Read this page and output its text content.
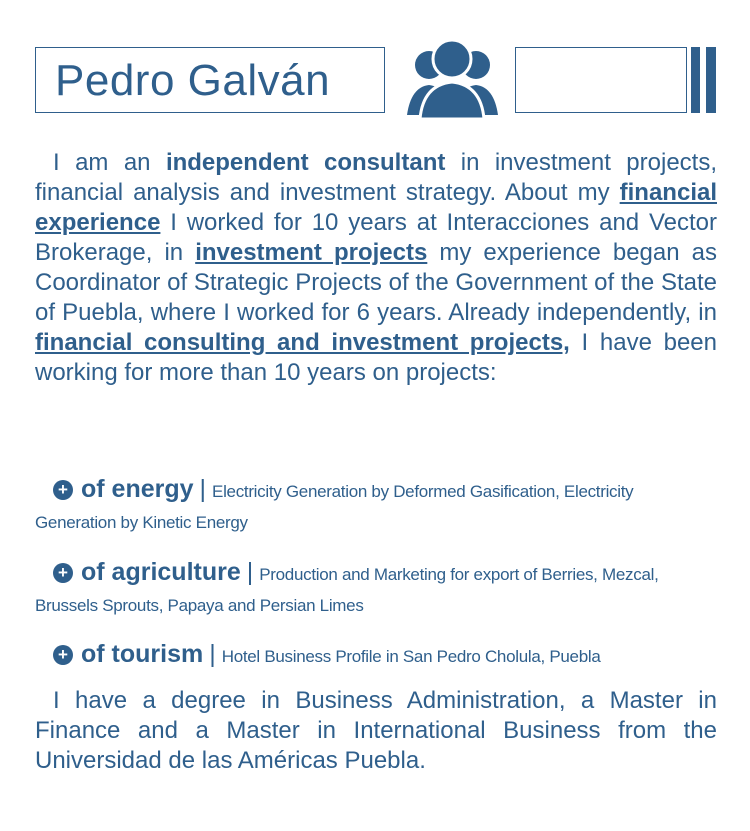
Pedro Galván

I am an independent consultant in investment projects, financial analysis and investment strategy. About my financial experience I worked for 10 years at Interacciones and Vector Brokerage, in investment projects my experience began as Coordinator of Strategic Projects of the Government of the State of Puebla, where I worked for 6 years. Already independently, in financial consulting and investment projects, I have been working for more than 10 years on projects:

+ of energy | Electricity Generation by Deformed Gasification, Electricity Generation by Kinetic Energy

+ of agriculture | Production and Marketing for export of Berries, Mezcal, Brussels Sprouts, Papaya and Persian Limes

+ of tourism | Hotel Business Profile in San Pedro Cholula, Puebla

I have a degree in Business Administration, a Master in Finance and a Master in International Business from the Universidad de las Américas Puebla.
